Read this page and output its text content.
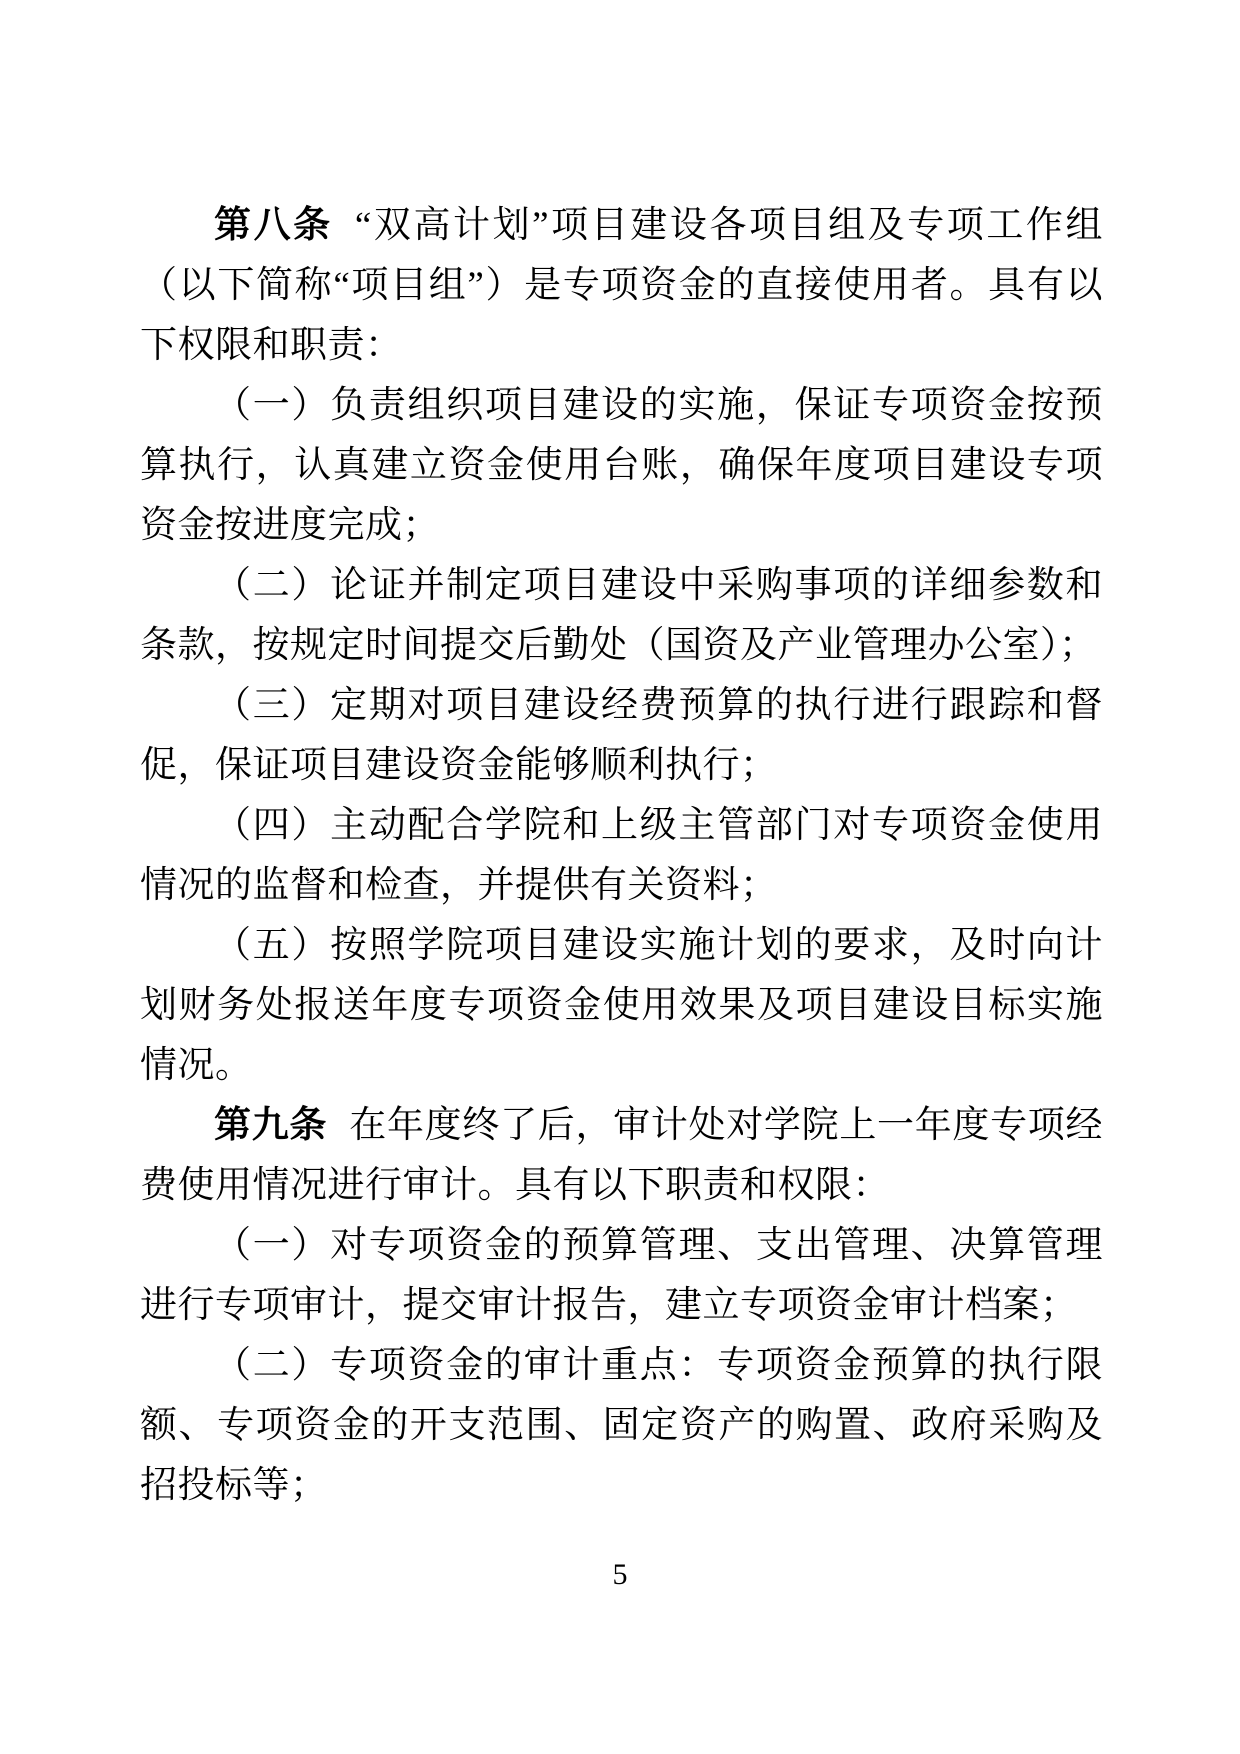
第八条 “双高计划”项目建设各项目组及专项工作组（以下简称“项目组”）是专项资金的直接使用者。具有以下权限和职责：

（一）负责组织项目建设的实施，保证专项资金按预算执行，认真建立资金使用台账，确保年度项目建设专项资金按进度完成；

（二）论证并制定项目建设中采购事项的详细参数和条款，按规定时间提交后勤处（国资及产业管理办公室）；

（三）定期对项目建设经费预算的执行进行跟踪和督促，保证项目建设资金能够顺利执行；

（四）主动配合学院和上级主管部门对专项资金使用情况的监督和检查，并提供有关资料；

（五）按照学院项目建设实施计划的要求，及时向计划财务处报送年度专项资金使用效果及项目建设目标实施情况。

第九条 在年度终了后，审计处对学院上一年度专项经费使用情况进行审计。具有以下职责和权限：

（一）对专项资金的预算管理、支出管理、决算管理进行专项审计，提交审计报告，建立专项资金审计档案；

（二）专项资金的审计重点：专项资金预算的执行限额、专项资金的开支范围、固定资产的购置、政府采购及招投标等；

5
